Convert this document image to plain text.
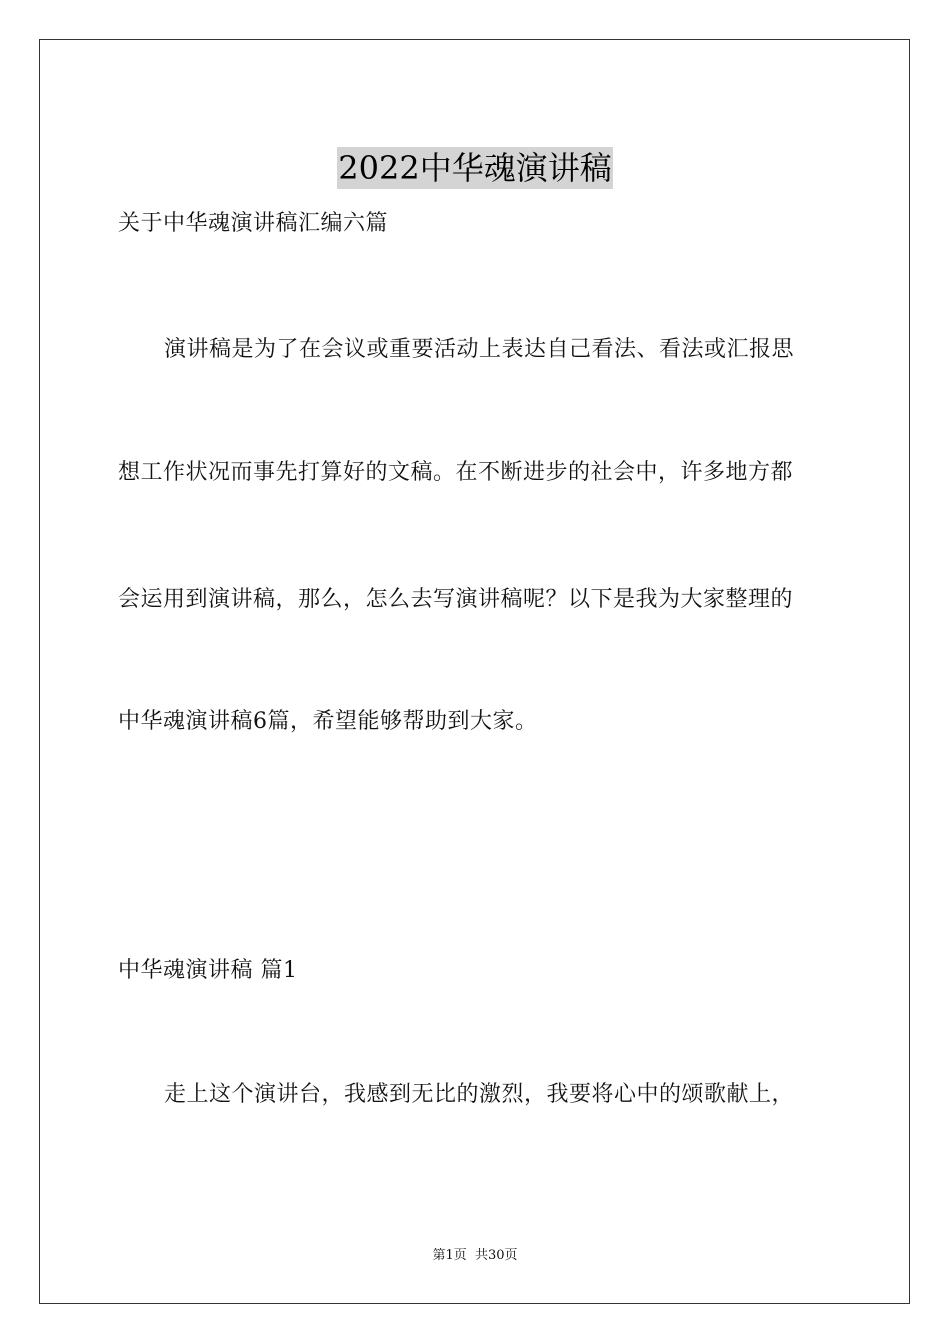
2022中华魂演讲稿
关于中华魂演讲稿汇编六篇
演讲稿是为了在会议或重要活动上表达自己看法、看法或汇报思
想工作状况而事先打算好的文稿。在不断进步的社会中，许多地方都
会运用到演讲稿，那么，怎么去写演讲稿呢？以下是我为大家整理的
中华魂演讲稿6篇，希望能够帮助到大家。
中华魂演讲稿 篇1
走上这个演讲台，我感到无比的激烈，我要将心中的颂歌献上，
第1页 共30页
